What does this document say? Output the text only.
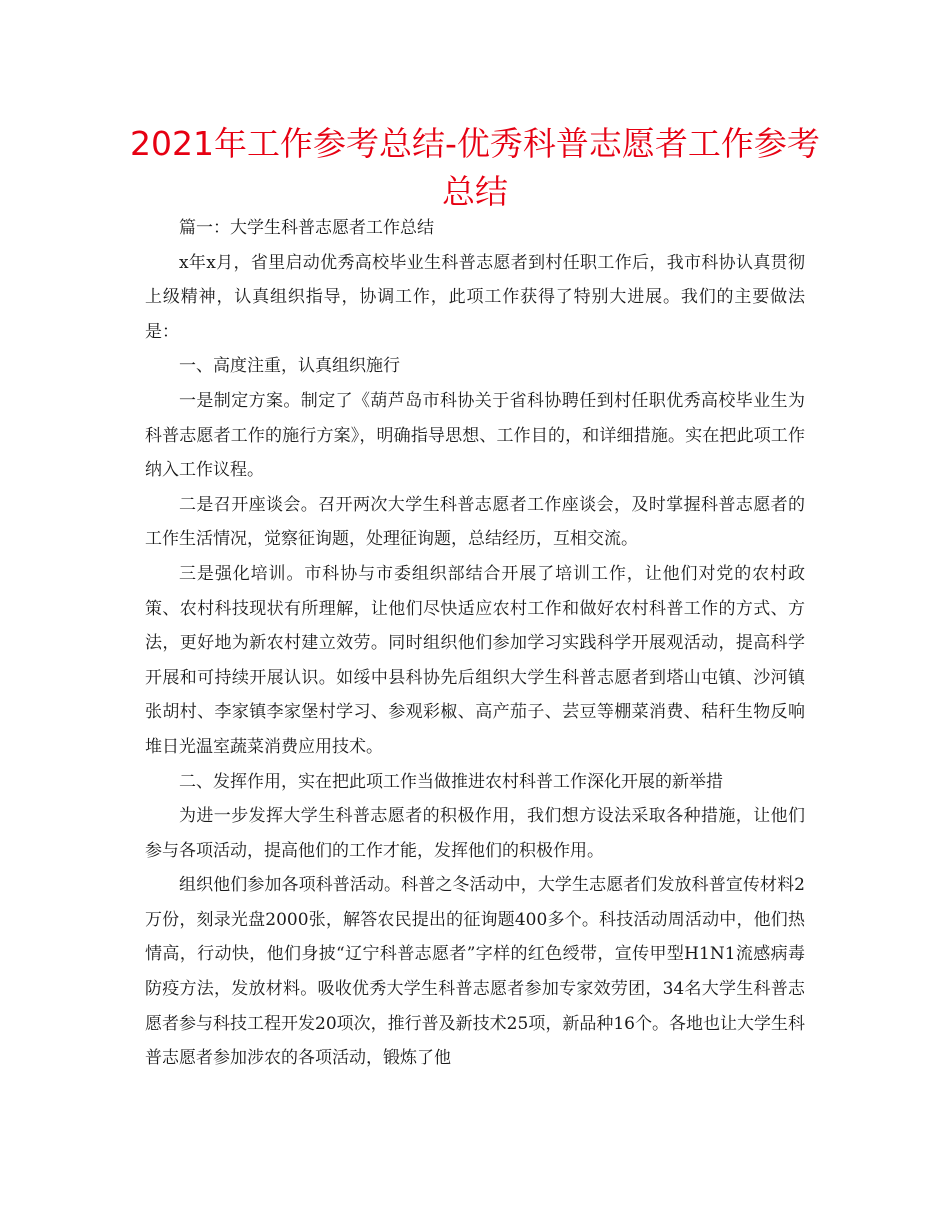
2021年工作参考总结-优秀科普志愿者工作参考
总结

篇一：大学生科普志愿者工作总结

x年x月，省里启动优秀高校毕业生科普志愿者到村任职工作后，我市科协认真贯彻上级精神，认真组织指导，协调工作，此项工作获得了特别大进展。我们的主要做法是：

一、高度注重，认真组织施行

一是制定方案。制定了《葫芦岛市科协关于省科协聘任到村任职优秀高校毕业生为科普志愿者工作的施行方案》，明确指导思想、工作目的，和详细措施。实在把此项工作纳入工作议程。

二是召开座谈会。召开两次大学生科普志愿者工作座谈会，及时掌握科普志愿者的工作生活情况，觉察征询题，处理征询题，总结经历，互相交流。

三是强化培训。市科协与市委组织部结合开展了培训工作，让他们对党的农村政策、农村科技现状有所理解，让他们尽快适应农村工作和做好农村科普工作的方式、方法，更好地为新农村建立效劳。同时组织他们参加学习实践科学开展观活动，提高科学开展和可持续开展认识。如绥中县科协先后组织大学生科普志愿者到塔山屯镇、沙河镇张胡村、李家镇李家堡村学习、参观彩椒、高产茄子、芸豆等棚菜消费、秸秆生物反响堆日光温室蔬菜消费应用技术。

二、发挥作用，实在把此项工作当做推进农村科普工作深化开展的新举措

为进一步发挥大学生科普志愿者的积极作用，我们想方设法采取各种措施，让他们参与各项活动，提高他们的工作才能，发挥他们的积极作用。

组织他们参加各项科普活动。科普之冬活动中，大学生志愿者们发放科普宣传材料2万份，刻录光盘2000张，解答农民提出的征询题400多个。科技活动周活动中，他们热情高，行动快，他们身披“辽宁科普志愿者”字样的红色绶带，宣传甲型H1N1流感病毒防疫方法，发放材料。吸收优秀大学生科普志愿者参加专家效劳团，34名大学生科普志愿者参与科技工程开发20项次，推行普及新技术25项，新品种16个。各地也让大学生科普志愿者参加涉农的各项活动，锻炼了他
